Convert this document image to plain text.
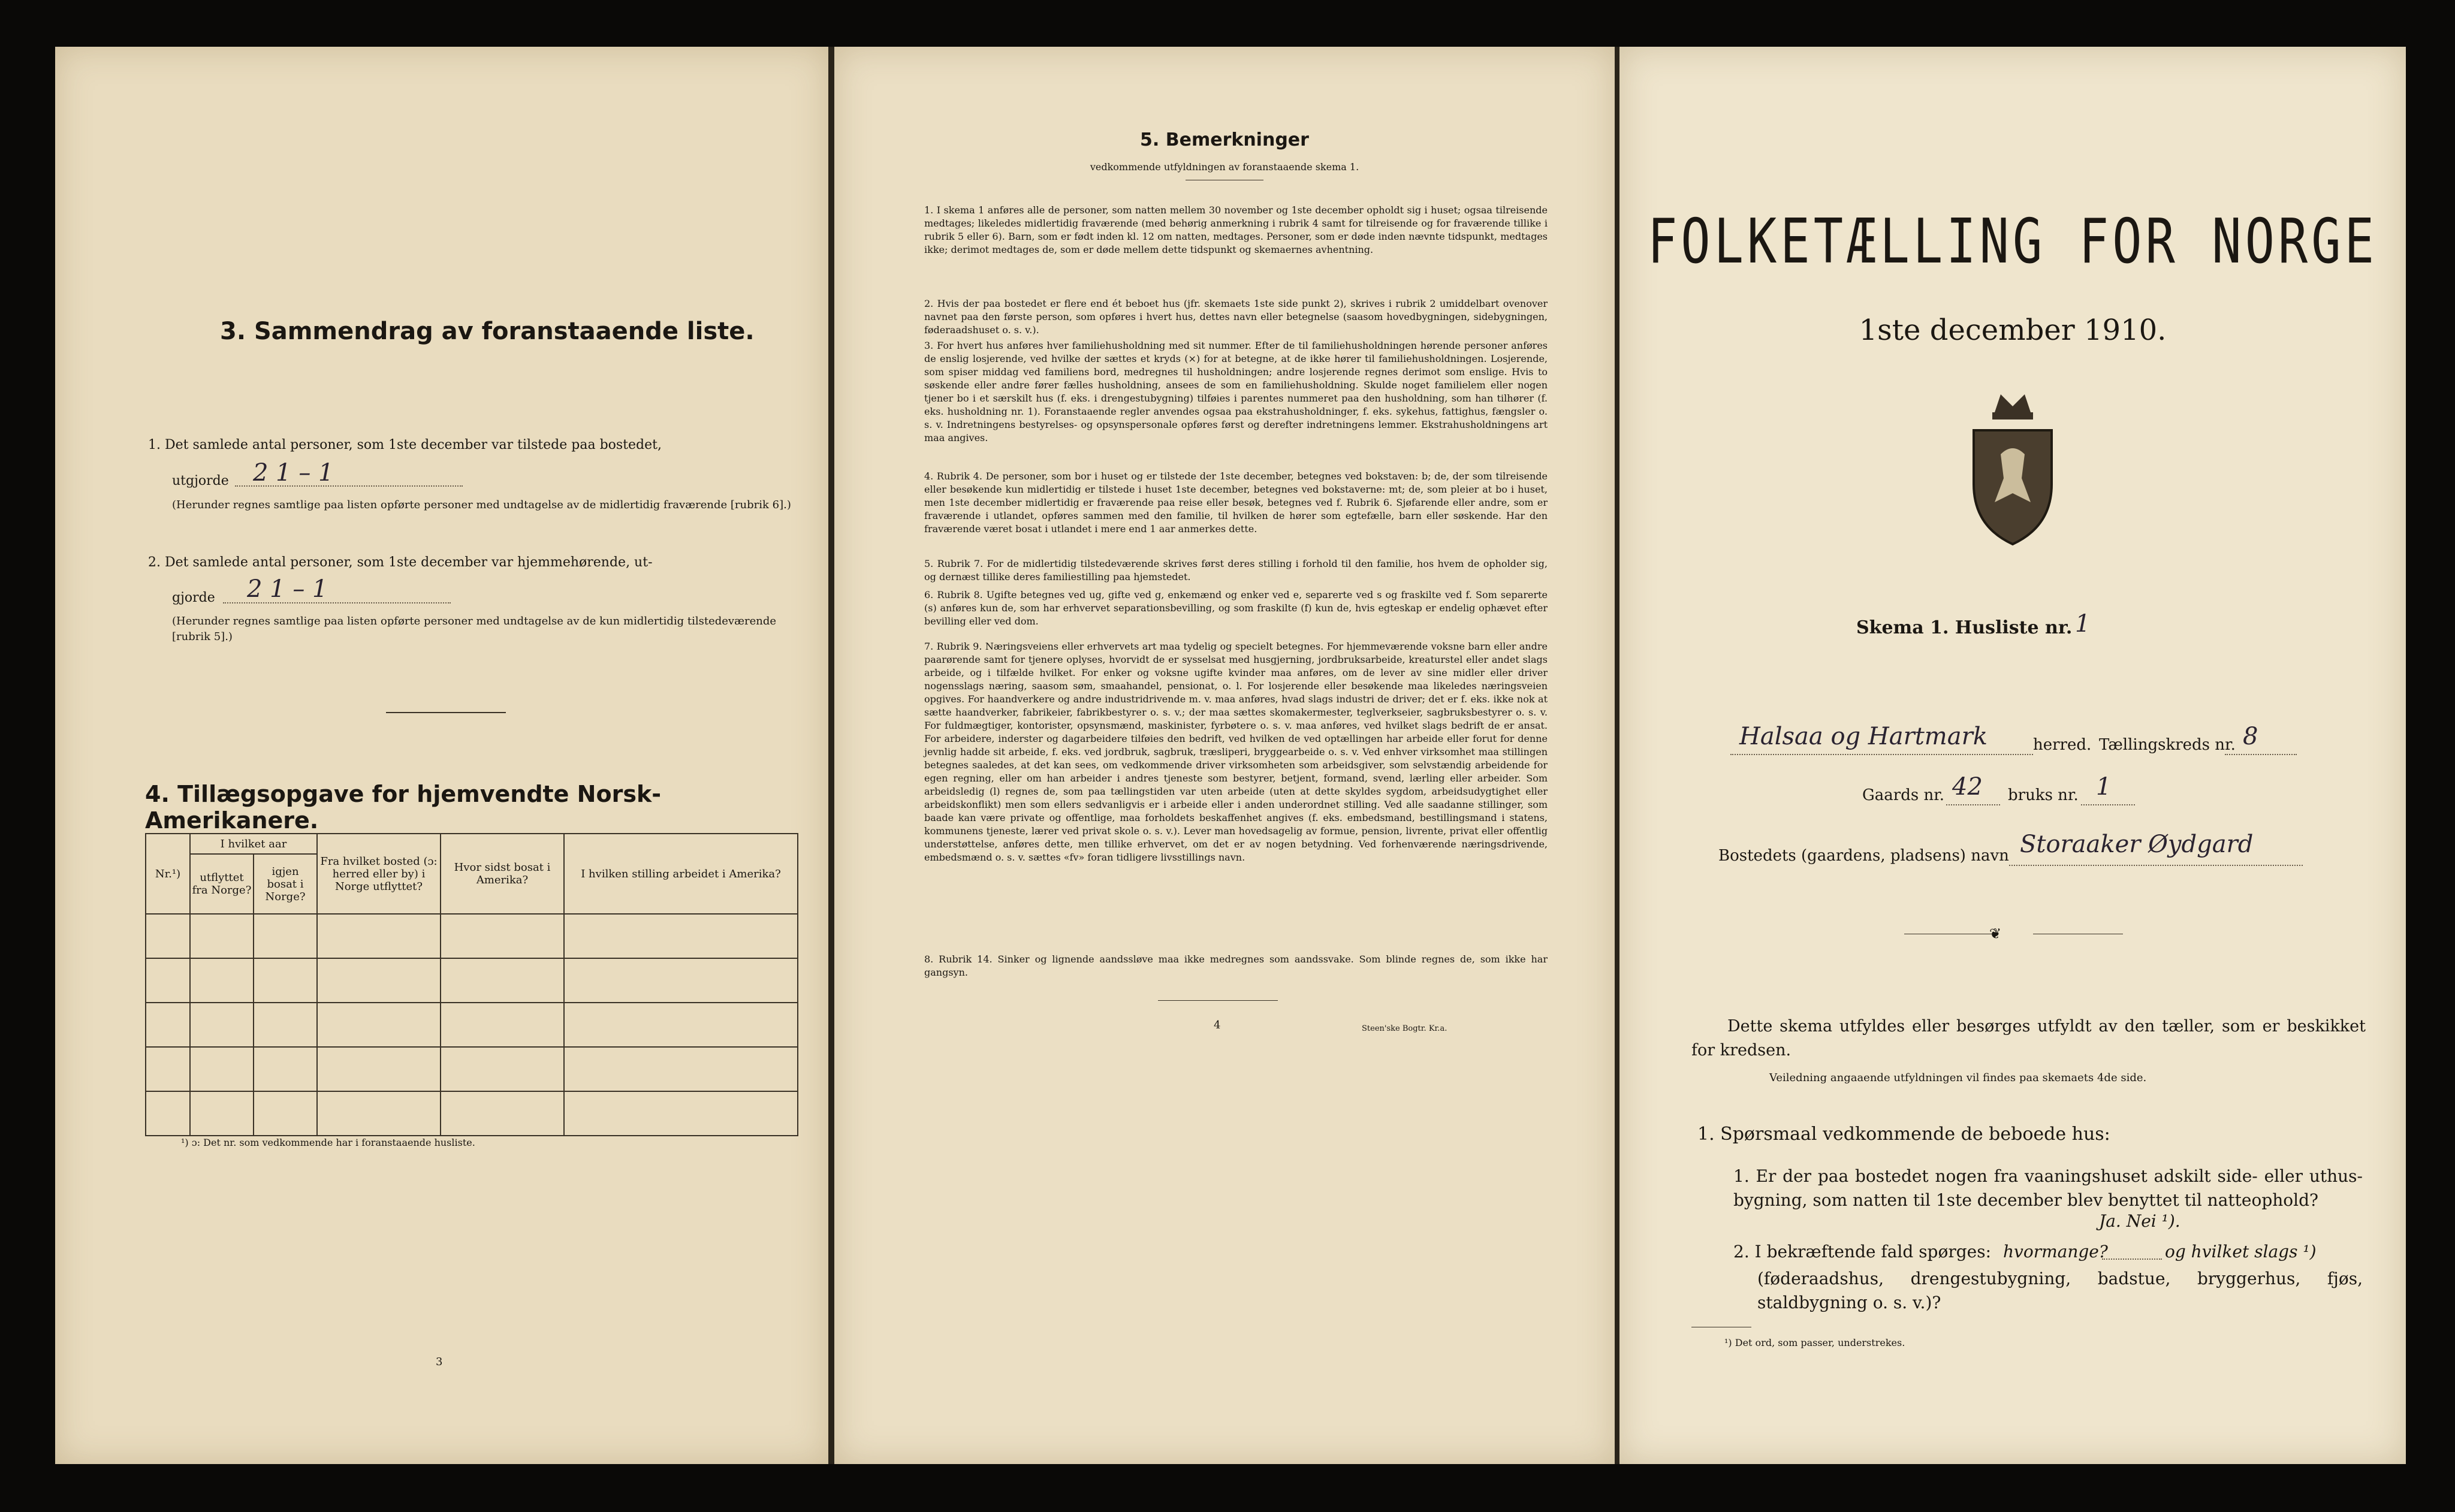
3. Sammendrag av foranstaaende liste.
1. Det samlede antal personer, som 1ste december var tilstede paa bostedet,
utgjorde 2 1 – 1
(Herunder regnes samtlige paa listen opførte personer med undtagelse av de midlertidig fraværende [rubrik 6].)
2. Det samlede antal personer, som 1ste december var hjemmehørende, ut-
gjorde 2 1 – 1
(Herunder regnes samtlige paa listen opførte personer med undtagelse av de kun midlertidig tilstedeværende [rubrik 5].)
4. Tillægsopgave for hjemvendte Norsk-Amerikanere.
Nr.¹)	I hvilket aar		Fra hvilket bosted (ɔ: herred eller by) i Norge utflyttet?	Hvor sidst bosat i Amerika?	I hvilken stilling arbeidet i Amerika?
	utflyttet fra Norge?	igjen bosat i Norge?			

¹) ɔ: Det nr. som vedkommende har i foranstaaende husliste.
3
5. Bemerkninger
vedkommende utfyldningen av foranstaaende skema 1.
1. I skema 1 anføres alle de personer, som natten mellem 30 november og 1ste december opholdt sig i huset; ogsaa tilreisende medtages; likeledes midlertidig fraværende (med behørig anmerkning i rubrik 4 samt for tilreisende og for fraværende tillike i rubrik 5 eller 6). Barn, som er født inden kl. 12 om natten, medtages. Personer, som er døde inden nævnte tidspunkt, medtages ikke; derimot medtages de, som er døde mellem dette tidspunkt og skemaernes avhentning.
2. Hvis der paa bostedet er flere end ét beboet hus (jfr. skemaets 1ste side punkt 2), skrives i rubrik 2 umiddelbart ovenover navnet paa den første person, som opføres i hvert hus, dettes navn eller betegnelse (saasom hovedbygningen, sidebygningen, føderaadshuset o. s. v.).
3. For hvert hus anføres hver familiehusholdning med sit nummer. Efter de til familiehusholdningen hørende personer anføres de enslig losjerende, ved hvilke der sættes et kryds (×) for at betegne, at de ikke hører til familiehusholdningen. Losjerende, som spiser middag ved familiens bord, medregnes til husholdningen; andre losjerende regnes derimot som enslige. Hvis to søskende eller andre fører fælles husholdning, ansees de som en familiehusholdning. Skulde noget familielem eller nogen tjener bo i et særskilt hus (f. eks. i drengestubygning) tilføies i parentes nummeret paa den husholdning, som han tilhører (f. eks. husholdning nr. 1). Foranstaaende regler anvendes ogsaa paa ekstrahusholdninger, f. eks. sykehus, fattighus, fængsler o. s. v. Indretningens bestyrelses- og opsynspersonale opføres først og derefter indretningens lemmer. Ekstrahusholdningens art maa angives.
4. Rubrik 4. De personer, som bor i huset og er tilstede der 1ste december, betegnes ved bokstaven: b; de, der som tilreisende eller besøkende kun midlertidig er tilstede i huset 1ste december, betegnes ved bokstaverne: mt; de, som pleier at bo i huset, men 1ste december midlertidig er fraværende paa reise eller besøk, betegnes ved f. Rubrik 6. Sjøfarende eller andre, som er fraværende i utlandet, opføres sammen med den familie, til hvilken de hører som egtefælle, barn eller søskende. Har den fraværende været bosat i utlandet i mere end 1 aar anmerkes dette.
5. Rubrik 7. For de midlertidig tilstedeværende skrives først deres stilling i forhold til den familie, hos hvem de opholder sig, og dernæst tillike deres familiestilling paa hjemstedet.
6. Rubrik 8. Ugifte betegnes ved ug, gifte ved g, enkemænd og enker ved e, separerte ved s og fraskilte ved f. Som separerte (s) anføres kun de, som har erhvervet separationsbevilling, og som fraskilte (f) kun de, hvis egteskap er endelig ophævet efter bevilling eller ved dom.
7. Rubrik 9. Næringsveiens eller erhvervets art maa tydelig og specielt betegnes. For hjemmeværende voksne barn eller andre paarørende samt for tjenere oplyses, hvorvidt de er sysselsat med husgjerning, jordbruksarbeide, kreaturstel eller andet slags arbeide, og i tilfælde hvilket. For enker og voksne ugifte kvinder maa anføres, om de lever av sine midler eller driver nogensslags næring, saasom søm, smaahandel, pensionat, o. l. For losjerende eller besøkende maa likeledes næringsveien opgives. For haandverkere og andre industridrivende m. v. maa anføres, hvad slags industri de driver; det er f. eks. ikke nok at sætte haandverker, fabrikeier, fabrikbestyrer o. s. v.; der maa sættes skomakermester, teglverkseier, sagbruksbestyrer o. s. v. For fuldmægtiger, kontorister, opsynsmænd, maskinister, fyrbøtere o. s. v. maa anføres, ved hvilket slags bedrift de er ansat. For arbeidere, inderster og dagarbeidere tilføies den bedrift, ved hvilken de ved optællingen har arbeide eller forut for denne jevnlig hadde sit arbeide, f. eks. ved jordbruk, sagbruk, træsliperi, bryggearbeide o. s. v. Ved enhver virksomhet maa stillingen betegnes saaledes, at det kan sees, om vedkommende driver virksomheten som arbeidsgiver, som selvstændig arbeidende for egen regning, eller om han arbeider i andres tjeneste som bestyrer, betjent, formand, svend, lærling eller arbeider. Som arbeidsledig (l) regnes de, som paa tællingstiden var uten arbeide (uten at dette skyldes sygdom, arbeidsudygtighet eller arbeidskonflikt) men som ellers sedvanligvis er i arbeide eller i anden underordnet stilling. Ved alle saadanne stillinger, som baade kan være private og offentlige, maa forholdets beskaffenhet angives (f. eks. embedsmand, bestillingsmand i statens, kommunens tjeneste, lærer ved privat skole o. s. v.). Lever man hovedsagelig av formue, pension, livrente, privat eller offentlig understøttelse, anføres dette, men tillike erhvervet, om det er av nogen betydning. Ved forhenværende næringsdrivende, embedsmænd o. s. v. sættes «fv» foran tidligere livsstillings navn.
8. Rubrik 14. Sinker og lignende aandssløve maa ikke medregnes som aandssvake. Som blinde regnes de, som ikke har gangsyn.
4	Steen'ske Bogtr. Kr.a.
FOLKETÆLLING FOR NORGE
1ste december 1910.
Skema 1. Husliste nr. 1
Halsaa og Hartmark	herred. Tællingskreds nr. 8
Gaards nr. 42 bruks nr. 1
Bostedets (gaardens, pladsens) navn Storaaker Øydgard
❦
Dette skema utfyldes eller besørges utfyldt av den tæller, som er beskikket for kredsen.
Veiledning angaaende utfyldningen vil findes paa skemaets 4de side.
1. Spørsmaal vedkommende de beboede hus:
1. Er der paa bostedet nogen fra vaaningshuset adskilt side- eller uthus-bygning, som natten til 1ste december blev benyttet til natteophold?
Ja. Nei ¹).
2. I bekræftende fald spørges: hvormange?	og hvilket slags ¹)
(føderaadshus, drengestubygning, badstue, bryggerhus, fjøs, staldbygning o. s. v.)?
¹) Det ord, som passer, understrekes.
